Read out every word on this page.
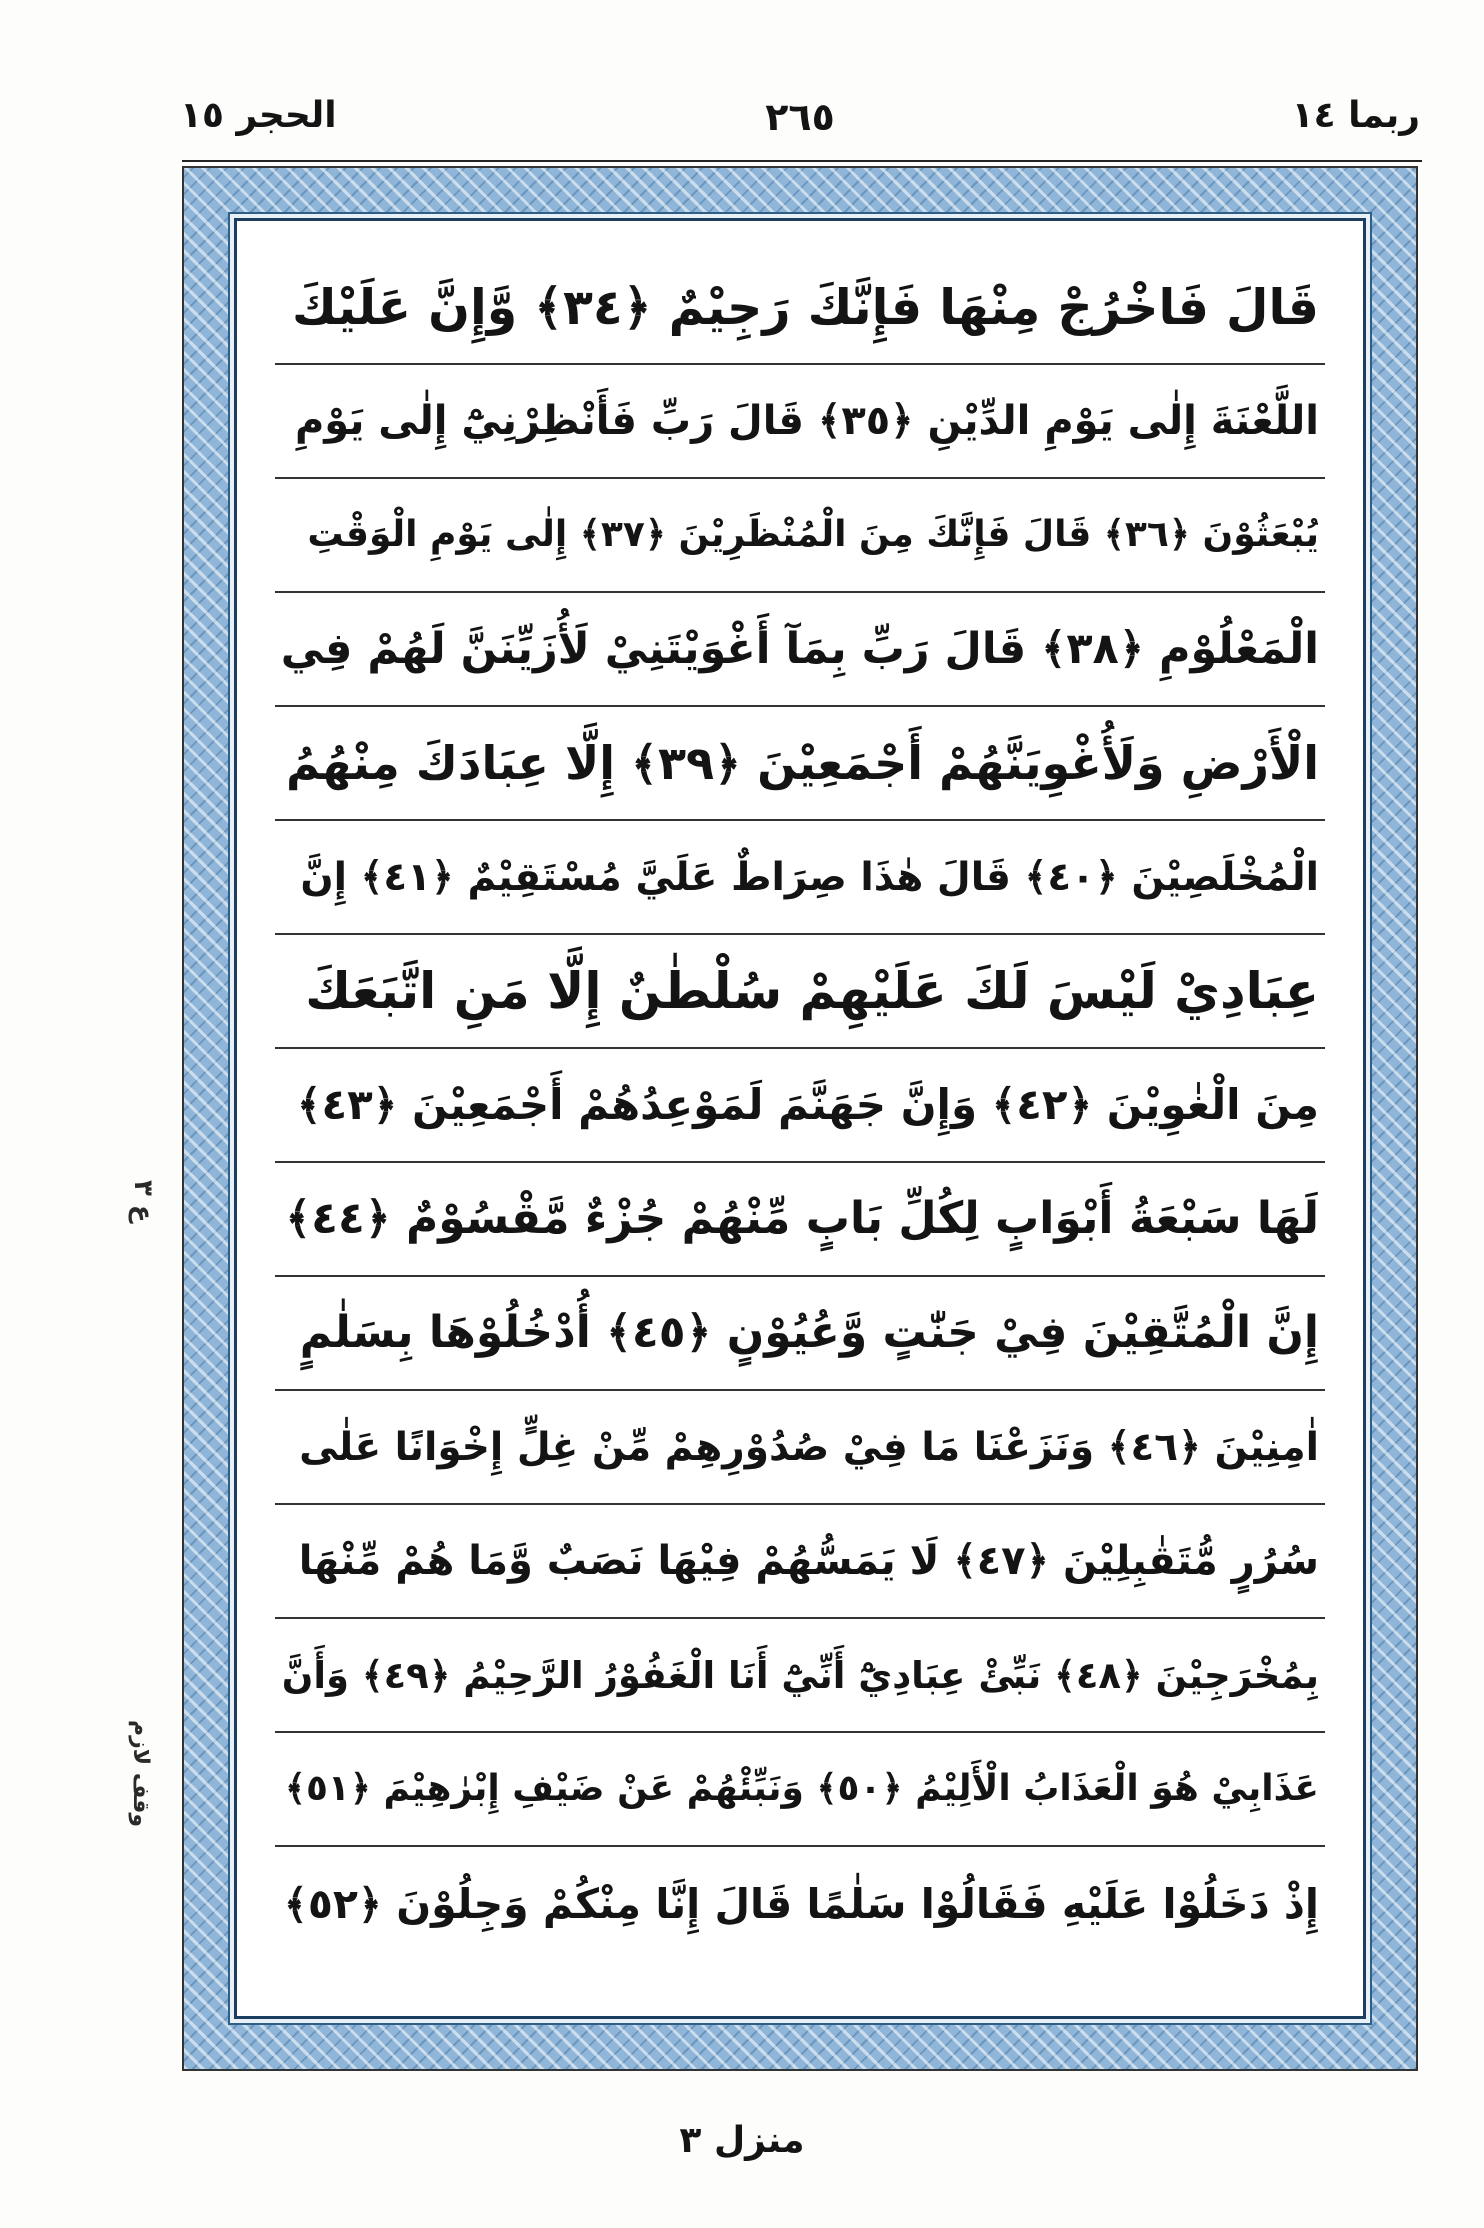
ربما ١٤
٢٦٥
الحجر ١٥
قَالَ فَاخْرُجْ مِنْهَا فَإِنَّكَ رَجِيْمٌ ﴿٣٤﴾ وَّإِنَّ عَلَيْكَ
اللَّعْنَةَ إِلٰى يَوْمِ الدِّيْنِ ﴿٣٥﴾ قَالَ رَبِّ فَأَنْظِرْنِيْٓ إِلٰى يَوْمِ
يُبْعَثُوْنَ ﴿٣٦﴾ قَالَ فَإِنَّكَ مِنَ الْمُنْظَرِيْنَ ﴿٣٧﴾ إِلٰى يَوْمِ الْوَقْتِ
الْمَعْلُوْمِ ﴿٣٨﴾ قَالَ رَبِّ بِمَآ أَغْوَيْتَنِيْ لَأُزَيِّنَنَّ لَهُمْ فِي
الْأَرْضِ وَلَأُغْوِيَنَّهُمْ أَجْمَعِيْنَ ﴿٣٩﴾ إِلَّا عِبَادَكَ مِنْهُمُ
الْمُخْلَصِيْنَ ﴿٤٠﴾ قَالَ هٰذَا صِرَاطٌ عَلَيَّ مُسْتَقِيْمٌ ﴿٤١﴾ إِنَّ
عِبَادِيْ لَيْسَ لَكَ عَلَيْهِمْ سُلْطٰنٌ إِلَّا مَنِ اتَّبَعَكَ
مِنَ الْغٰوِيْنَ ﴿٤٢﴾ وَإِنَّ جَهَنَّمَ لَمَوْعِدُهُمْ أَجْمَعِيْنَ ﴿٤٣﴾
لَهَا سَبْعَةُ أَبْوَابٍ لِكُلِّ بَابٍ مِّنْهُمْ جُزْءٌ مَّقْسُوْمٌ ﴿٤٤﴾
إِنَّ الْمُتَّقِيْنَ فِيْ جَنّٰتٍ وَّعُيُوْنٍ ﴿٤٥﴾ أُدْخُلُوْهَا بِسَلٰمٍ
اٰمِنِيْنَ ﴿٤٦﴾ وَنَزَعْنَا مَا فِيْ صُدُوْرِهِمْ مِّنْ غِلٍّ إِخْوَانًا عَلٰى
سُرُرٍ مُّتَقٰبِلِيْنَ ﴿٤٧﴾ لَا يَمَسُّهُمْ فِيْهَا نَصَبٌ وَّمَا هُمْ مِّنْهَا
بِمُخْرَجِيْنَ ﴿٤٨﴾ نَبِّئْ عِبَادِيْٓ أَنِّيْٓ أَنَا الْغَفُوْرُ الرَّحِيْمُ ﴿٤٩﴾ وَأَنَّ
عَذَابِيْ هُوَ الْعَذَابُ الْأَلِيْمُ ﴿٥٠﴾ وَنَبِّئْهُمْ عَنْ ضَيْفِ إِبْرٰهِيْمَ ﴿٥١﴾
إِذْ دَخَلُوْا عَلَيْهِ فَقَالُوْا سَلٰمًا قَالَ إِنَّا مِنْكُمْ وَجِلُوْنَ ﴿٥٢﴾
ع ٣
وقف لازم
منزل ٣
